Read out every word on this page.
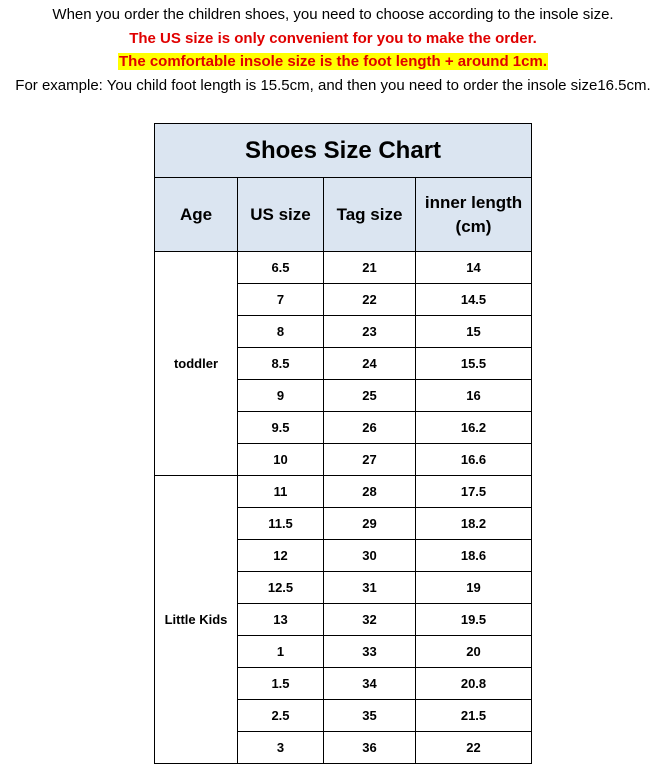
When you order the children shoes, you need to choose according to the insole size.
The US size is only convenient for you to make the order.
The comfortable insole size is the foot length + around 1cm.
For example: You child foot length is 15.5cm, and then you need to order the insole size16.5cm.
Shoes Size Chart			
Age	US size	Tag size	inner length
(cm)
toddler	6.5	21	14
	7	22	14.5
	8	23	15
	8.5	24	15.5
	9	25	16
	9.5	26	16.2
	10	27	16.6
Little Kids	11	28	17.5
	11.5	29	18.2
	12	30	18.6
	12.5	31	19
	13	32	19.5
	1	33	20
	1.5	34	20.8
	2.5	35	21.5
	3	36	22
